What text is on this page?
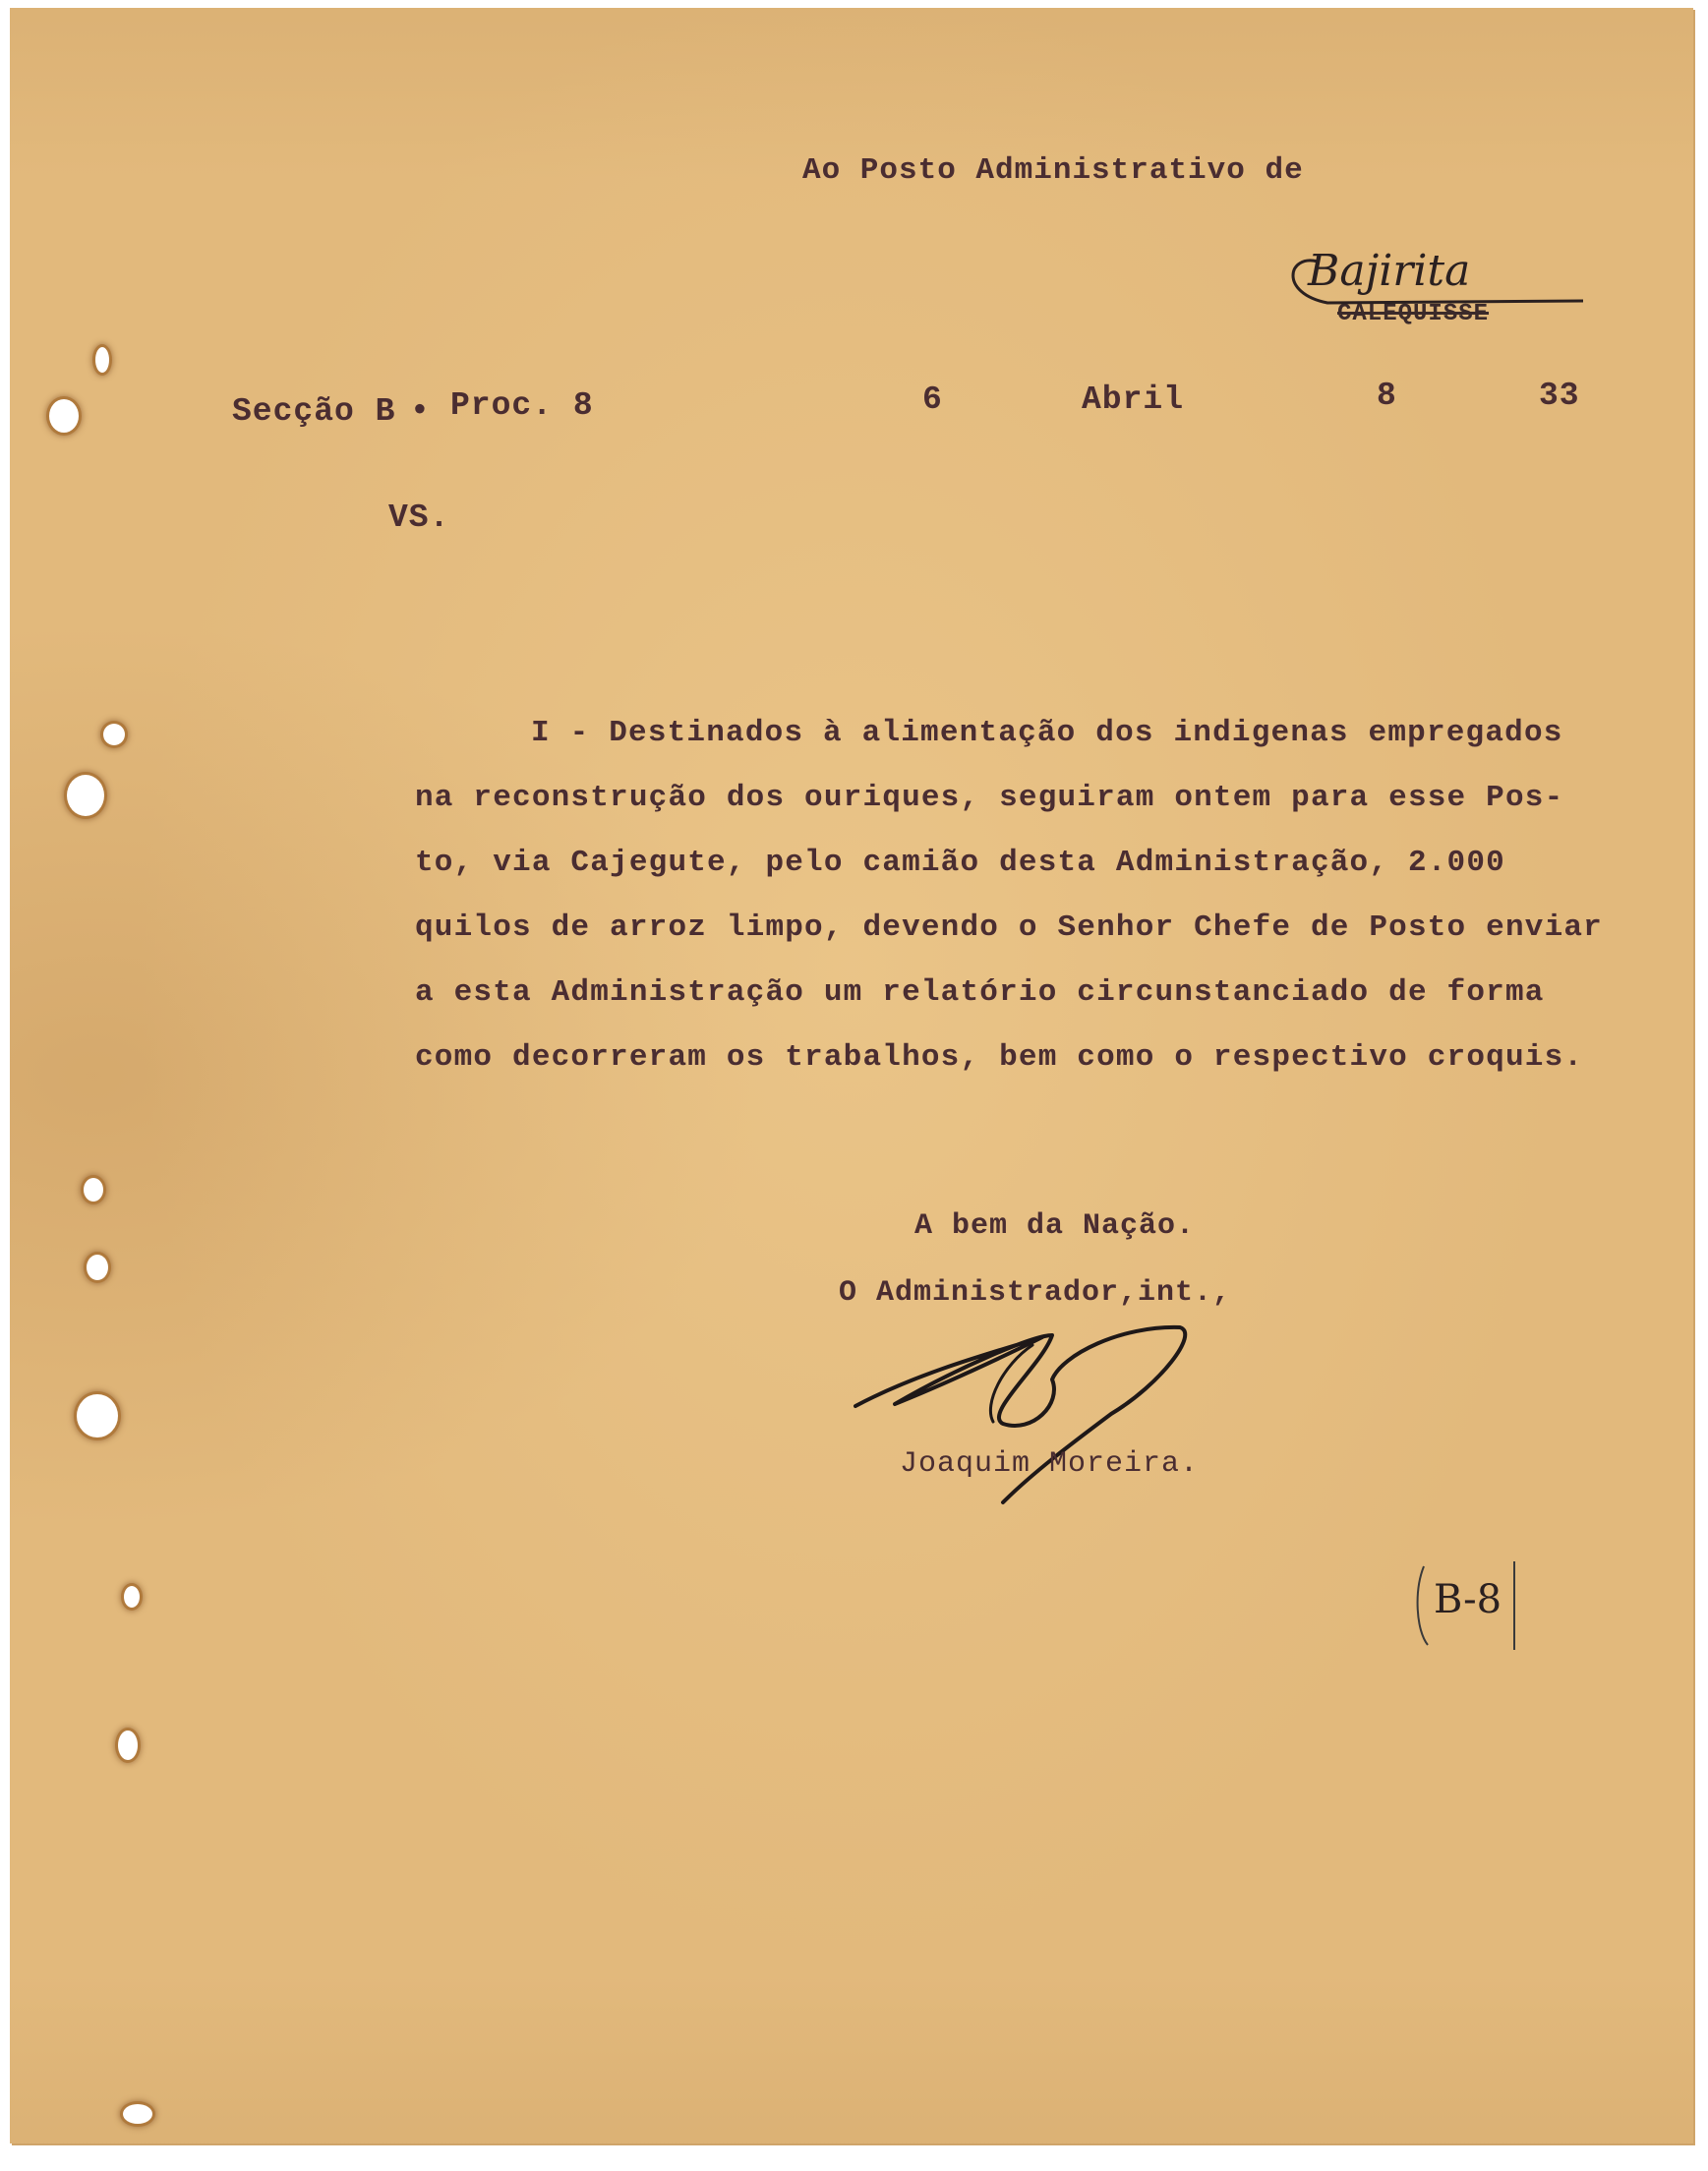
Ao Posto Administrativo de
Bajirita
CALEQUISSE
Secção B • Proc. 8	6	Abril	8	33
VS.
I - Destinados à alimentação dos indigenas empregados
na reconstrução dos ouriques, seguiram ontem para esse Pos-
to, via Cajegute, pelo camião desta Administração, 2.000
quilos de arroz limpo, devendo o Senhor Chefe de Posto enviar
a esta Administração um relatório circunstanciado de forma
como decorreram os trabalhos, bem como o respectivo croquis.
A bem da Nação.
O Administrador,int.,
Joaquim Moreira.
B-8
